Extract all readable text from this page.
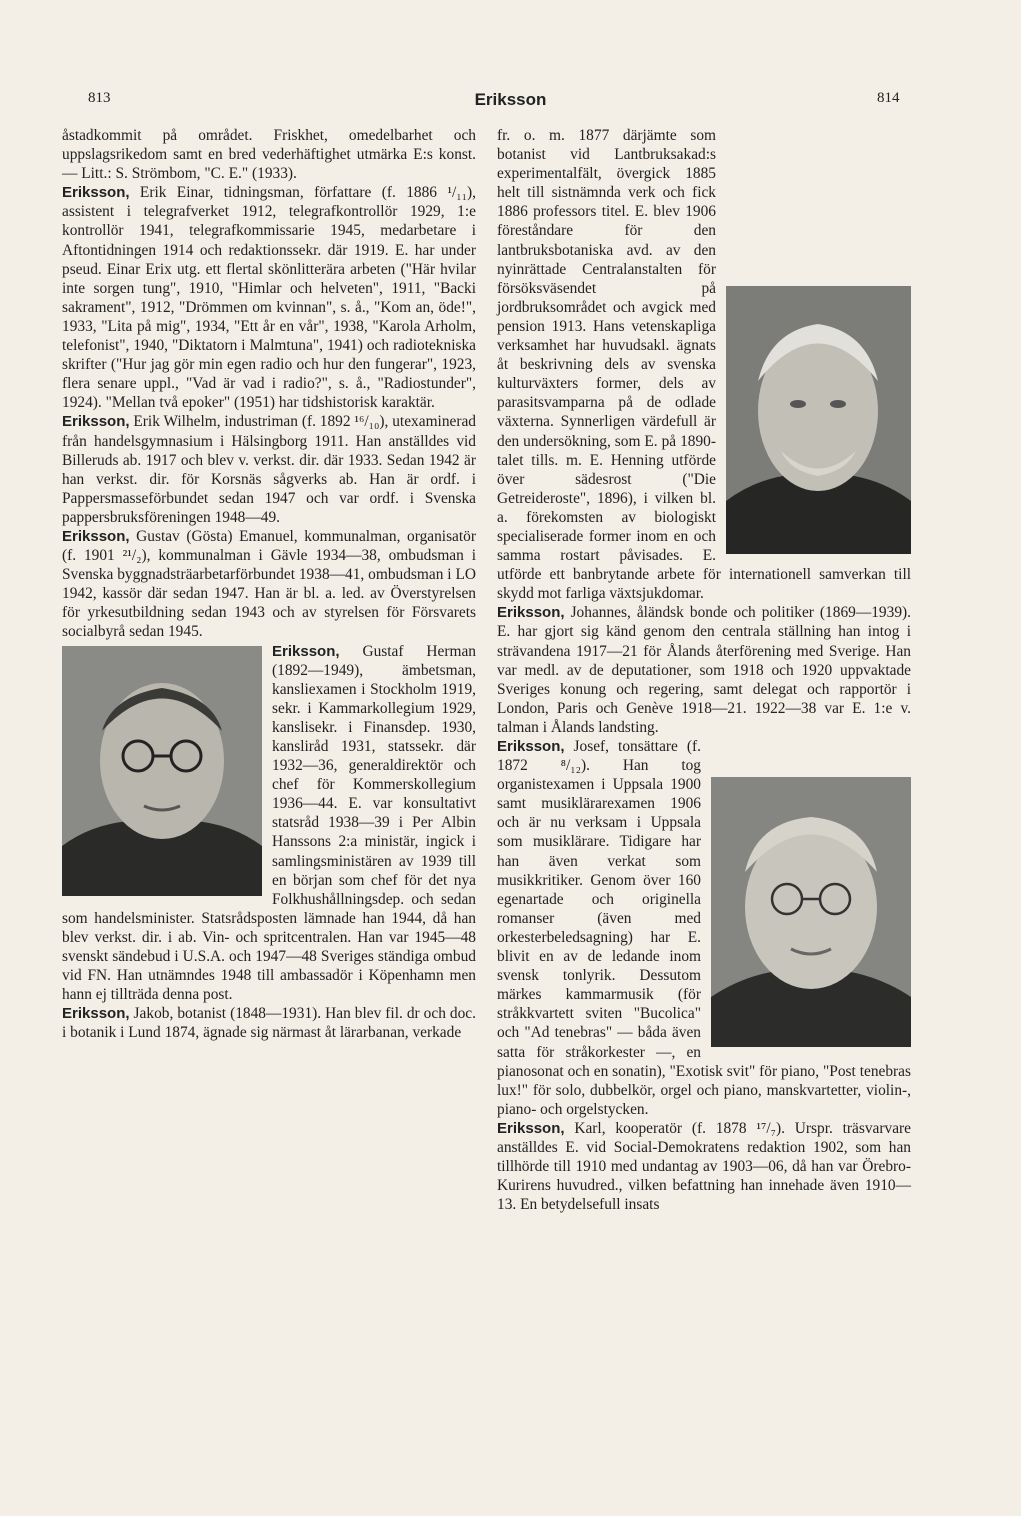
813	Eriksson	814

åstadkommit på området. Friskhet, omedelbarhet och uppslagsrikedom samt en bred vederhäftighet utmärka E:s konst. — Litt.: S. Strömbom, "C. E." (1933).

Eriksson, Erik Einar, tidningsman, författare (f. 1886 ¹/₁₁), assistent i telegrafverket 1912, telegrafkontrollör 1929, 1:e kontrollör 1941, telegrafkommissarie 1945, medarbetare i Aftontidningen 1914 och redaktionssekr. där 1919. E. har under pseud. Einar Erix utg. ett flertal skönlitterära arbeten ("Här hvilar inte sorgen tung", 1910, "Himlar och helveten", 1911, "Backi sakrament", 1912, "Drömmen om kvinnan", s. å., "Kom an, öde!", 1933, "Lita på mig", 1934, "Ett år en vår", 1938, "Karola Arholm, telefonist", 1940, "Diktatorn i Malmtuna", 1941) och radiotekniska skrifter ("Hur jag gör min egen radio och hur den fungerar", 1923, flera senare uppl., "Vad är vad i radio?", s. å., "Radiostunder", 1924). "Mellan två epoker" (1951) har tidshistorisk karaktär.

Eriksson, Erik Wilhelm, industriman (f. 1892 ¹⁶/₁₀), utexaminerad från handelsgymnasium i Hälsingborg 1911. Han anställdes vid Billeruds ab. 1917 och blev v. verkst. dir. där 1933. Sedan 1942 är han verkst. dir. för Korsnäs sågverks ab. Han är ordf. i Pappersmasseförbundet sedan 1947 och var ordf. i Svenska pappersbruksföreningen 1948—49.

Eriksson, Gustav (Gösta) Emanuel, kommunalman, organisatör (f. 1901 ²¹/₂), kommunalman i Gävle 1934—38, ombudsman i Svenska byggnadsträarbetarförbundet 1938—41, ombudsman i LO 1942, kassör där sedan 1947. Han är bl. a. led. av Överstyrelsen för yrkesutbildning sedan 1943 och av styrelsen för Försvarets socialbyrå sedan 1945.

Eriksson, Gustaf Herman (1892—1949), ämbetsman, kansliexamen i Stockholm 1919, sekr. i Kammarkollegium 1929, kanslisekr. i Finansdep. 1930, kansliråd 1931, statssekr. där 1932—36, generaldirektör och chef för Kommerskollegium 1936—44. E. var konsultativt statsråd 1938—39 i Per Albin Hanssons 2:a ministär, ingick i samlingsministären av 1939 till en början som chef för det nya Folkhushållningsdep. och sedan som handelsminister. Statsrådsposten lämnade han 1944, då han blev verkst. dir. i ab. Vin- och spritcentralen. Han var 1945—48 svenskt sändebud i U.S.A. och 1947—48 Sveriges ständiga ombud vid FN. Han utnämndes 1948 till ambassadör i Köpenhamn men hann ej tillträda denna post.

Eriksson, Jakob, botanist (1848—1931). Han blev fil. dr och doc. i botanik i Lund 1874, ägnade sig närmast åt lärarbanan, verkade

fr. o. m. 1877 därjämte som botanist vid Lantbruksakad:s experimentalfält, övergick 1885 helt till sistnämnda verk och fick 1886 professors titel. E. blev 1906 föreståndare för den lantbruksbotaniska avd. av den nyinrättade Centralanstalten för försöksväsendet på jordbruksområdet och avgick med pension 1913. Hans vetenskapliga verksamhet har huvudsakl. ägnats åt beskrivning dels av svenska kulturväxters former, dels av parasitsvamparna på de odlade växterna. Synnerligen värdefull är den undersökning, som E. på 1890-talet tills. m. E. Henning utförde över sädesrost ("Die Getreideroste", 1896), i vilken bl. a. förekomsten av biologiskt specialiserade former inom en och samma rostart påvisades. E. utförde ett banbrytande arbete för internationell samverkan till skydd mot farliga växtsjukdomar.

Eriksson, Johannes, åländsk bonde och politiker (1869—1939). E. har gjort sig känd genom den centrala ställning han intog i strävandena 1917—21 för Ålands återförening med Sverige. Han var medl. av de deputationer, som 1918 och 1920 uppvaktade Sveriges konung och regering, samt delegat och rapportör i London, Paris och Genève 1918—21. 1922—38 var E. 1:e v. talman i Ålands landsting.

Eriksson, Josef, tonsättare (f. 1872 ⁸/₁₂). Han tog organistexamen i Uppsala 1900 samt musiklärarexamen 1906 och är nu verksam i Uppsala som musiklärare. Tidigare har han även verkat som musikkritiker. Genom över 160 egenartade och originella romanser (även med orkesterbeledsagning) har E. blivit en av de ledande inom svensk tonlyrik. Dessutom märkes kammarmusik (för stråkkvartett sviten "Bucolica" och "Ad tenebras" — båda även satta för stråkorkester —, en pianosonat och en sonatin), "Exotisk svit" för piano, "Post tenebras lux!" för solo, dubbelkör, orgel och piano, manskvartetter, violin-, piano- och orgelstycken.

Eriksson, Karl, kooperatör (f. 1878 ¹⁷/₇). Urspr. träsvarvare anställdes E. vid Social-Demokratens redaktion 1902, som han tillhörde till 1910 med undantag av 1903—06, då han var Örebro-Kurirens huvudred., vilken befattning han innehade även 1910—13. En betydelsefull insats
